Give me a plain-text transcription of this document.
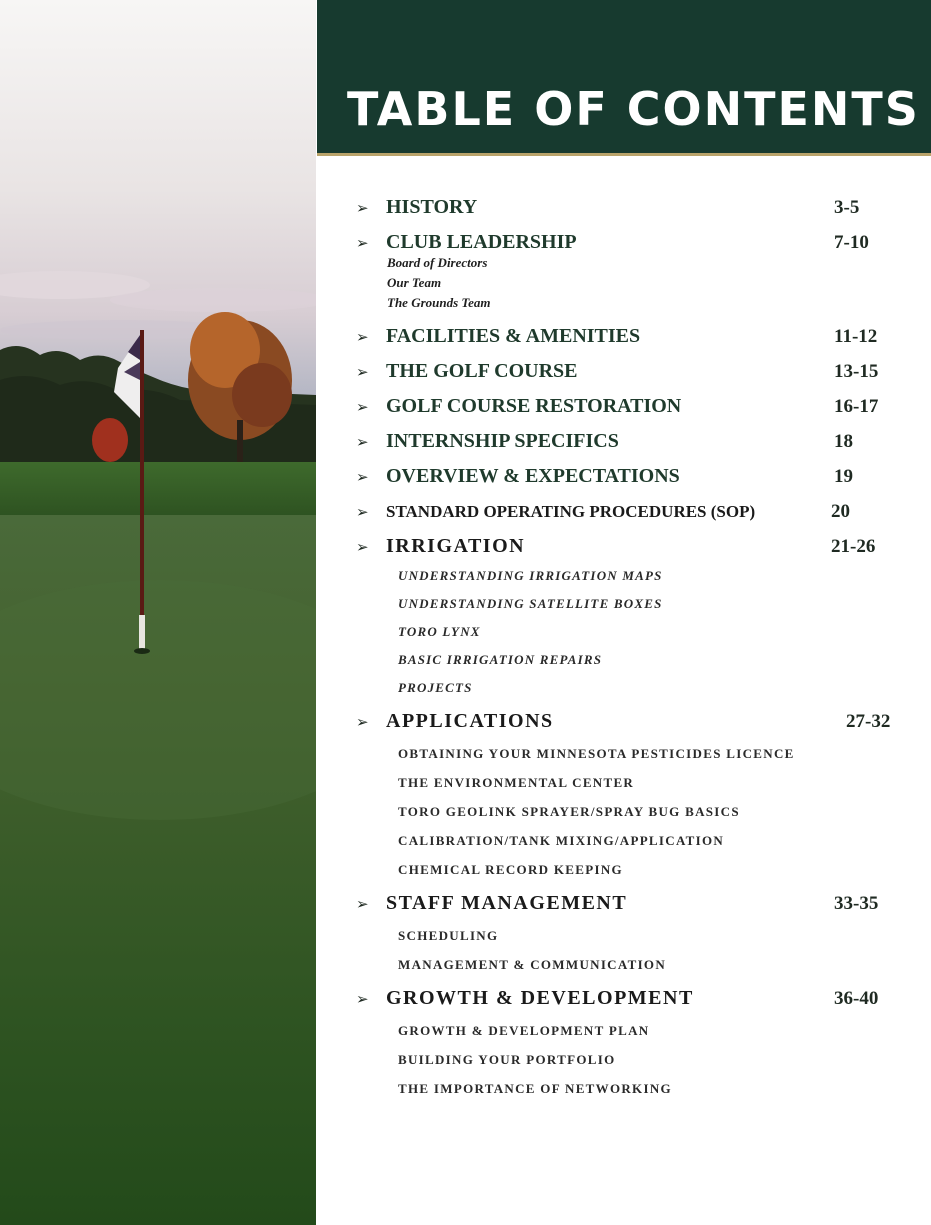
TABLE OF CONTENTS
➢ HISTORY	3-5
➢ CLUB LEADERSHIP	7-10
Board of Directors
Our Team
The Grounds Team
➢ FACILITIES & AMENITIES	11-12
➢ THE GOLF COURSE	13-15
➢ GOLF COURSE RESTORATION	16-17
➢ INTERNSHIP SPECIFICS	18
➢ OVERVIEW & EXPECTATIONS	19
➢	STANDARD OPERATING PROCEDURES (SOP)	20
➢ IRRIGATION	21-26
UNDERSTANDING IRRIGATION MAPS
UNDERSTANDING SATELLITE BOXES
TORO LYNX
BASIC IRRIGATION REPAIRS
PROJECTS
➢ APPLICATIONS	27-32
OBTAINING YOUR MINNESOTA PESTICIDES LICENCE
THE ENVIRONMENTAL CENTER
TORO GEOLINK SPRAYER/SPRAY BUG BASICS
CALIBRATION/TANK MIXING/APPLICATION
CHEMICAL RECORD KEEPING
➢ STAFF MANAGEMENT	33-35
SCHEDULING
MANAGEMENT & COMMUNICATION
➢ GROWTH & DEVELOPMENT	36-40
GROWTH & DEVELOPMENT PLAN
BUILDING YOUR PORTFOLIO
THE IMPORTANCE OF NETWORKING
